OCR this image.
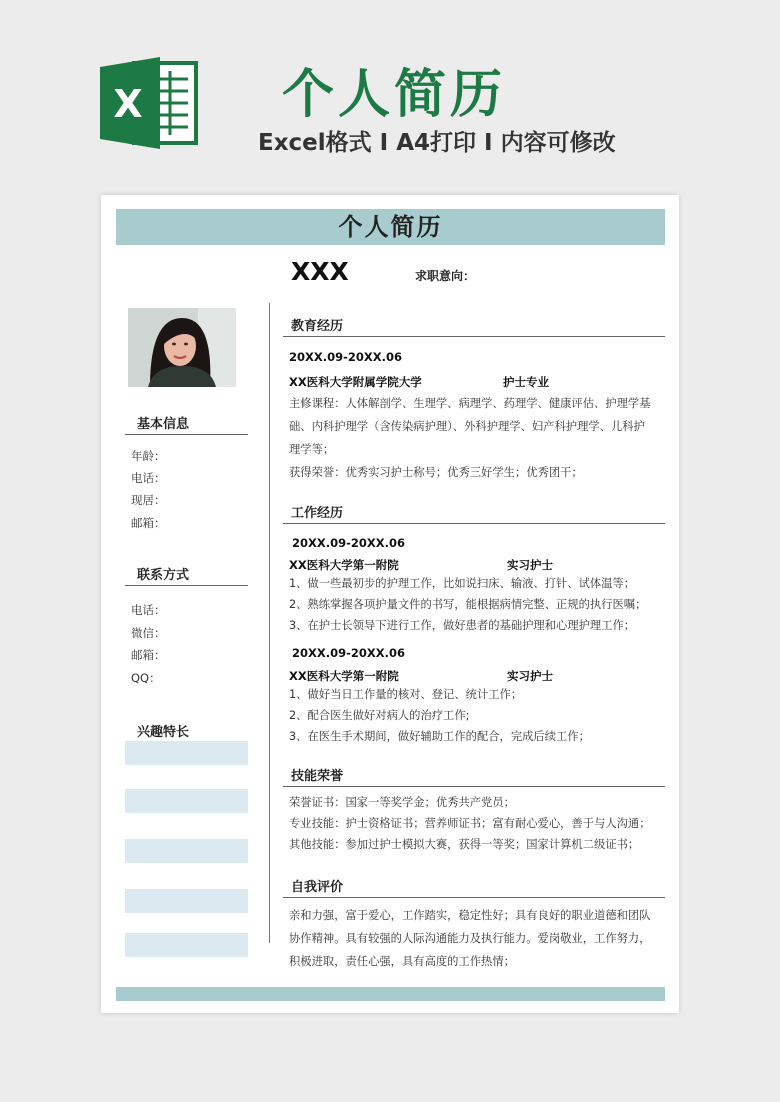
X	个人简历
Excel格式 I A4打印 I 内容可修改
个人简历
XXX	求职意向：
基本信息
年龄：
电话：
现居：
邮箱：
联系方式
电话：
微信：
邮箱：
QQ：
兴趣特长
教育经历
20XX.09-20XX.06
XX医科大学附属学院大学	护士专业
主修课程：人体解剖学、生理学、病理学、药理学、健康评估、护理学基
础、内科护理学（含传染病护理）、外科护理学、妇产科护理学、儿科护
理学等；
获得荣誉：优秀实习护士称号；优秀三好学生；优秀团干；
工作经历
20XX.09-20XX.06
XX医科大学第一附院	实习护士
1、做一些最初步的护理工作，比如说扫床、输液、打针、试体温等；
2、熟练掌握各项护量文件的书写，能根据病情完整、正规的执行医嘱；
3、在护士长领导下进行工作，做好患者的基础护理和心理护理工作；
20XX.09-20XX.06
XX医科大学第一附院	实习护士
1、做好当日工作量的核对、登记、统计工作；
2、配合医生做好对病人的治疗工作;
3、在医生手术期间，做好辅助工作的配合，完成后续工作；
技能荣誉
荣誉证书：国家一等奖学金；优秀共产党员；
专业技能：护士资格证书；营养师证书；富有耐心爱心，善于与人沟通；
其他技能：参加过护士模拟大赛，获得一等奖；国家计算机二级证书；
自我评价
亲和力强，富于爱心，工作踏实，稳定性好；具有良好的职业道德和团队
协作精神。具有较强的人际沟通能力及执行能力。爱岗敬业，工作努力，
积极进取，责任心强，具有高度的工作热情；
